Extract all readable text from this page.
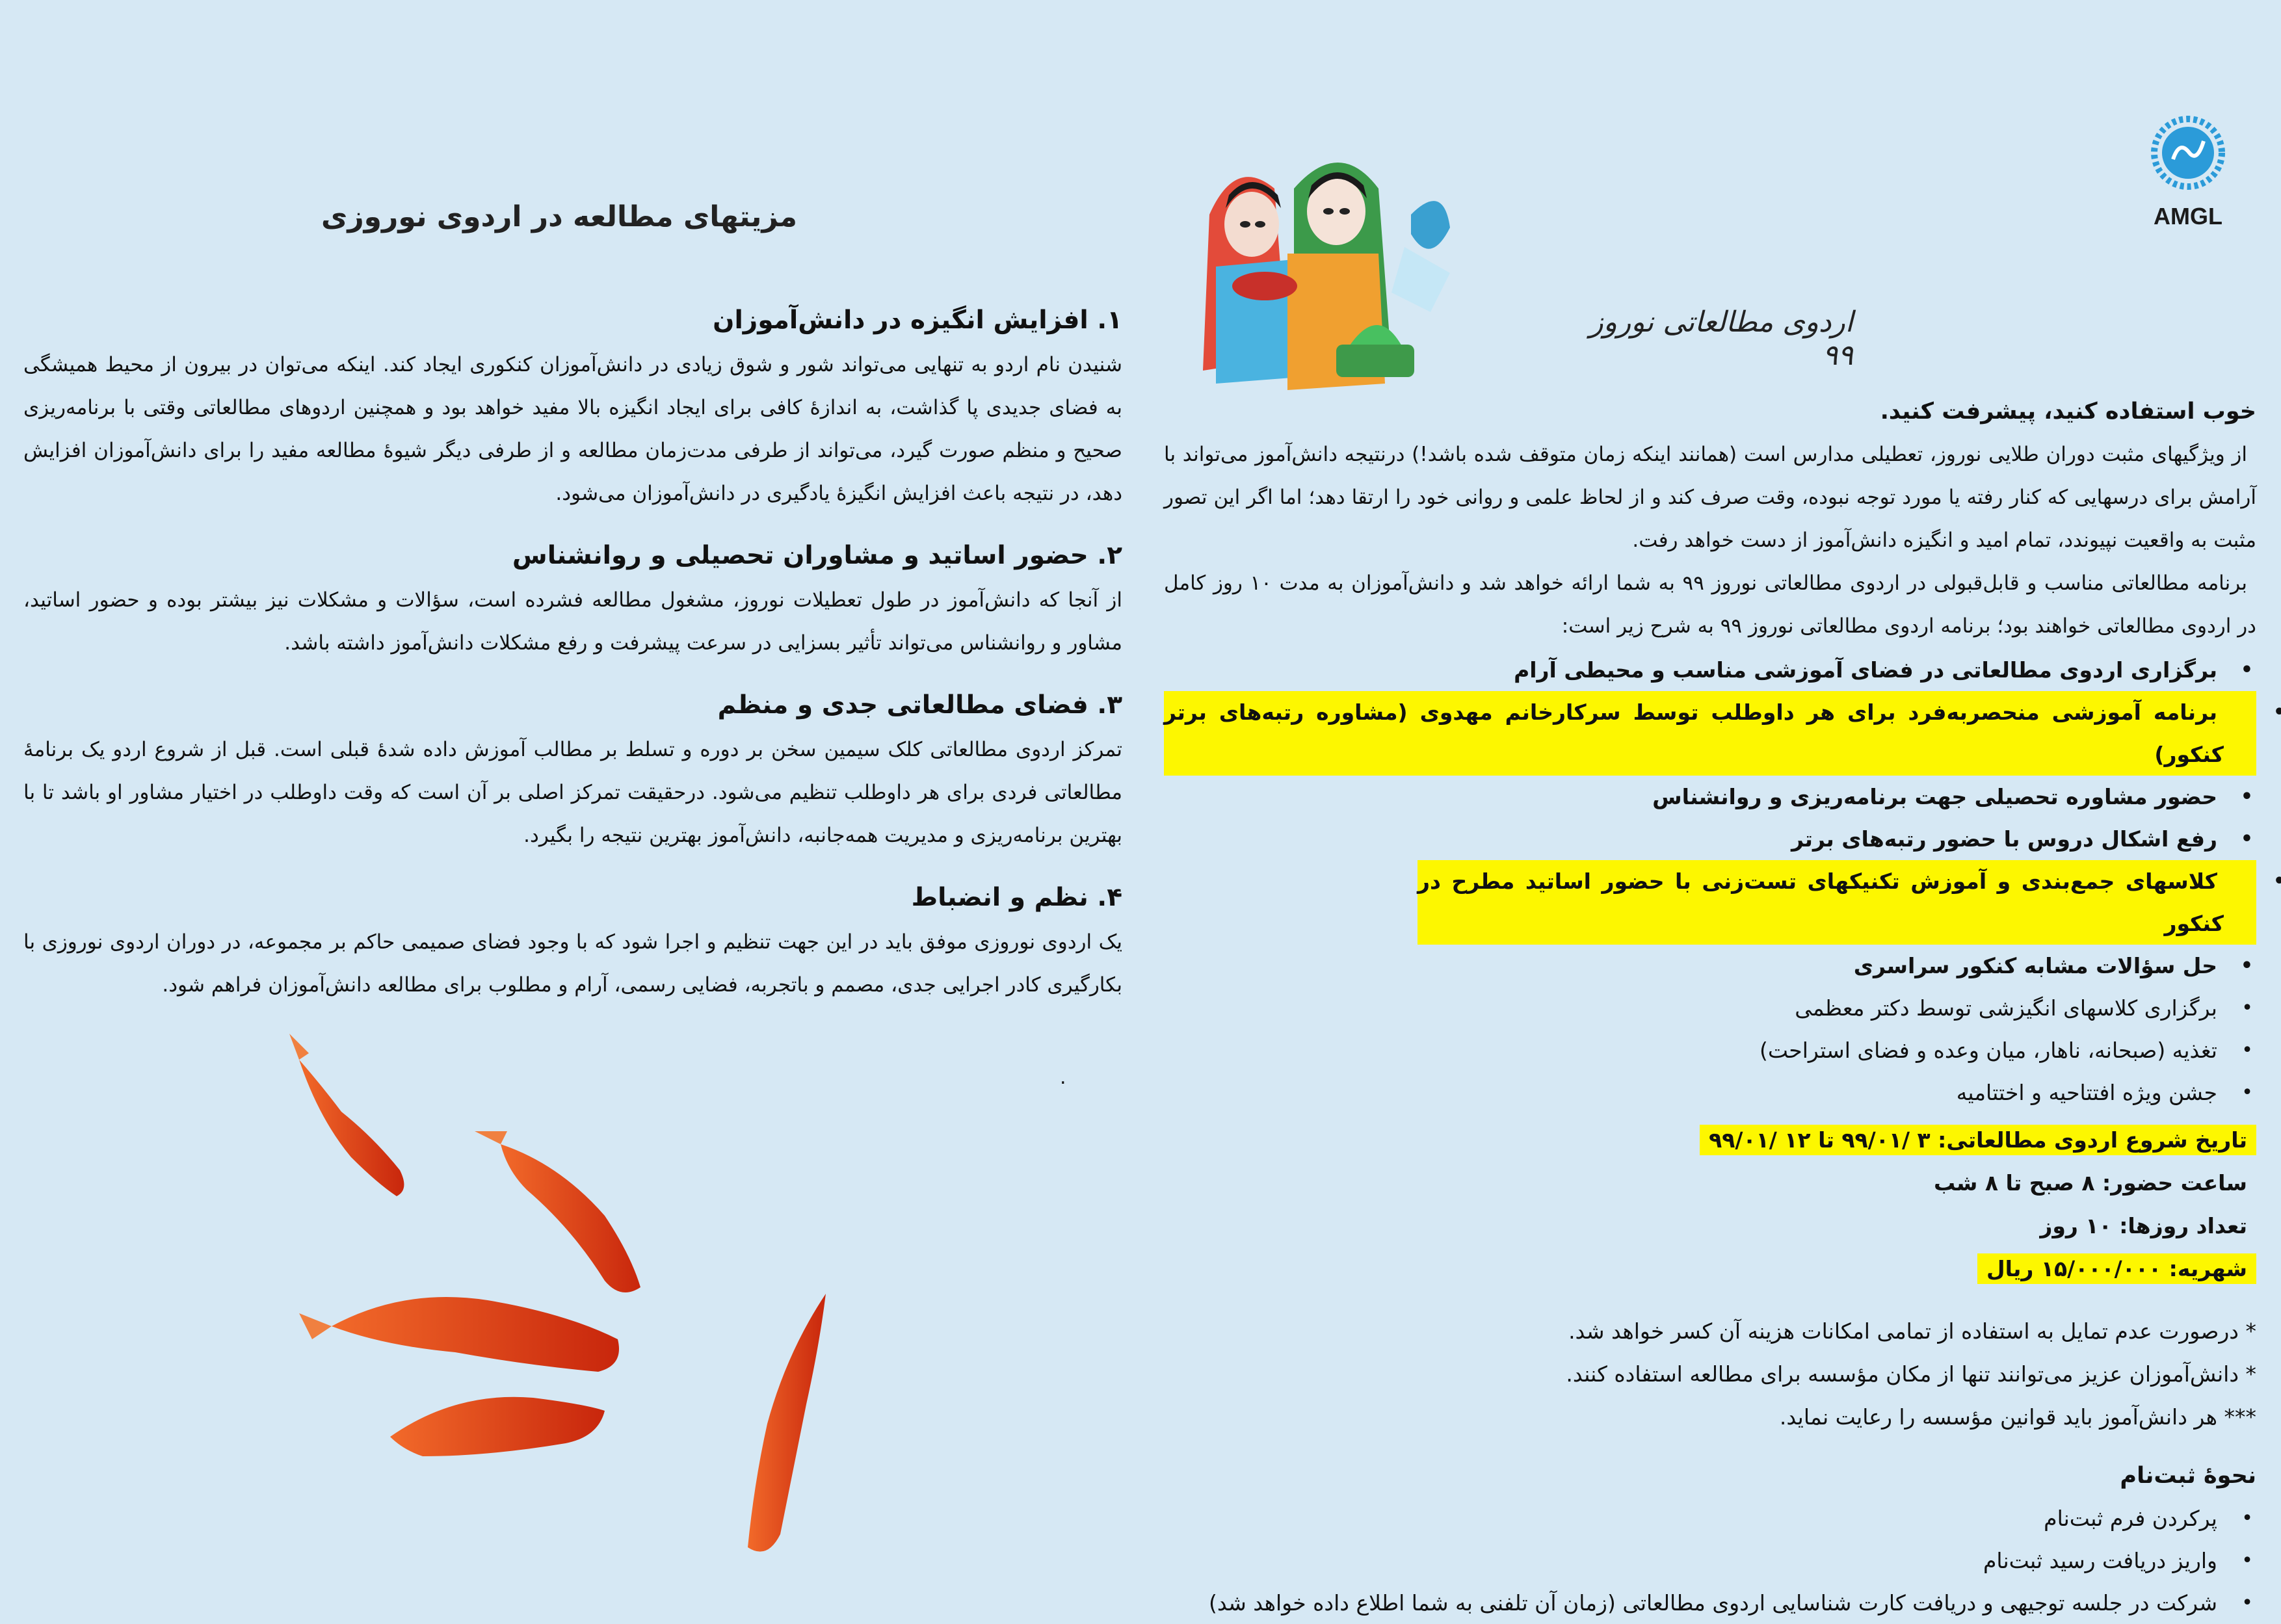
AMGL
اردوی مطالعاتی نوروز ۹۹
مزیتهای مطالعه در اردوی نوروزی

خوب استفاده کنید، پیشرفت کنید.

از ویژگیهای مثبت دوران طلایی نوروز، تعطیلی مدارس است (همانند اینکه زمان متوقف شده باشد!) درنتیجه دانش‌آموز می‌تواند با آرامش برای درسهایی که کنار رفته یا مورد توجه نبوده، وقت صرف کند و از لحاظ علمی و روانی خود را ارتقا دهد؛ اما اگر این تصور مثبت به واقعیت نپیوندد، تمام امید و انگیزه دانش‌آموز از دست خواهد رفت.

برنامه مطالعاتی مناسب و قابل‌قبولی در اردوی مطالعاتی نوروز ۹۹ به شما ارائه خواهد شد و دانش‌آموزان به مدت ۱۰ روز کامل در اردوی مطالعاتی خواهند بود؛ برنامه اردوی مطالعاتی نوروز ۹۹ به شرح زیر است:

• برگزاری اردوی مطالعاتی در فضای آموزشی مناسب و محیطی آرام
• برنامه آموزشی منحصربه‌فرد برای هر داوطلب توسط سرکارخانم مهدوی (مشاوره رتبه‌های برتر کنکور)
• حضور مشاوره تحصیلی جهت برنامه‌ریزی و روانشناس
• رفع اشکال دروس با حضور رتبه‌های برتر
• کلاسهای جمع‌بندی و آموزش تکنیکهای تست‌زنی با حضور اساتید مطرح در کنکور
• حل سؤالات مشابه کنکور سراسری
• برگزاری کلاسهای انگیزشی توسط دکتر معظمی
• تغذیه (صبحانه، ناهار، میان وعده و فضای استراحت)
• جشن ویژه افتتاحیه و اختتامیه

تاریخ شروع اردوی مطالعاتی: ۳ /۹۹/۰۱ تا ۱۲ /۹۹/۰۱

ساعت حضور: ۸ صبح تا ۸ شب

تعداد روزها: ۱۰ روز

شهریه: ۱۵/۰۰۰/۰۰۰ ریال

* درصورت عدم تمایل به استفاده از تمامی امکانات هزینه آن کسر خواهد شد.

* دانش‌آموزان عزیز می‌توانند تنها از مکان مؤسسه برای مطالعه استفاده کنند.

*** هر دانش‌آموز باید قوانین مؤسسه را رعایت نماید.

نحوهٔ ثبت‌نام

• پرکردن فرم ثبت‌نام
• واریز دریافت رسید ثبت‌نام
• شرکت در جلسه توجیهی و دریافت کارت شناسایی اردوی مطالعاتی (زمان آن تلفنی به شما اطلاع داده خواهد شد)

۱. افزایش انگیزه در دانش‌آموزان

شنیدن نام اردو به تنهایی می‌تواند شور و شوق زیادی در دانش‌آموزان کنکوری ایجاد کند. اینکه می‌توان در بیرون از محیط همیشگی به فضای جدیدی پا گذاشت، به اندازهٔ کافی برای ایجاد انگیزه بالا مفید خواهد بود و همچنین اردوهای مطالعاتی وقتی با برنامه‌ریزی صحیح و منظم صورت گیرد، می‌تواند از طرفی مدت‌زمان مطالعه و از طرفی دیگر شیوهٔ مطالعه مفید را برای دانش‌آموزان افزایش دهد، در نتیجه باعث افزایش انگیزهٔ یادگیری در دانش‌آموزان می‌شود.

۲. حضور اساتید و مشاوران تحصیلی و روانشناس

از آنجا که دانش‌آموز در طول تعطیلات نوروز، مشغول مطالعه فشرده است، سؤالات و مشکلات نیز بیشتر بوده و حضور اساتید، مشاور و روانشناس می‌تواند تأثیر بسزایی در سرعت پیشرفت و رفع مشکلات دانش‌آموز داشته باشد.

۳. فضای مطالعاتی جدی و منظم

تمرکز اردوی مطالعاتی کلک سیمین سخن بر دوره و تسلط بر مطالب آموزش داده شدهٔ قبلی است. قبل از شروع اردو یک برنامهٔ مطالعاتی فردی برای هر داوطلب تنظیم می‌شود. درحقیقت تمرکز اصلی بر آن است که وقت داوطلب در اختیار مشاور او باشد تا با بهترین برنامه‌ریزی و مدیریت همه‌جانبه، دانش‌آموز بهترین نتیجه را بگیرد.

۴. نظم و انضباط

یک اردوی نوروزی موفق باید در این جهت تنظیم و اجرا شود که با وجود فضای صمیمی حاکم بر مجموعه، در دوران اردوی نوروزی با بکارگیری کادر اجرایی جدی، مصمم و باتجربه، فضایی رسمی، آرام و مطلوب برای مطالعه دانش‌آموزان فراهم شود.

.
